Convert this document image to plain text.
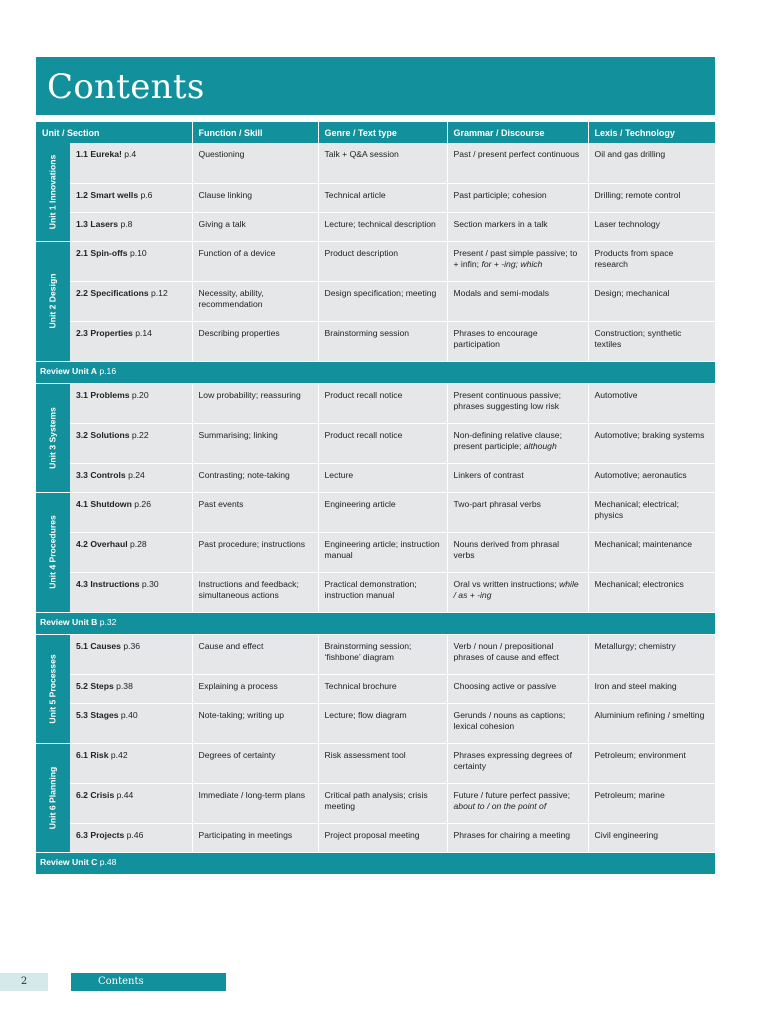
Contents
Unit / Section		Function / Skill	Genre / Text type	Grammar / Discourse	Lexis / Technology

Unit 1 Innovations	1.1 Eureka! p.4	Questioning	Talk + Q&A session	Past / present perfect continuous	Oil and gas drilling
	1.2 Smart wells p.6	Clause linking	Technical article	Past participle; cohesion	Drilling; remote control
	1.3 Lasers p.8	Giving a talk	Lecture; technical description	Section markers in a talk	Laser technology

Unit 2 Design	2.1 Spin-offs p.10	Function of a device	Product description	Present / past simple passive; to + infin; for + -ing; which	Products from space research
	2.2 Specifications p.12	Necessity, ability, recommendation	Design specification; meeting	Modals and semi-modals	Design; mechanical
	2.3 Properties p.14	Describing properties	Brainstorming session	Phrases to encourage participation	Construction; synthetic textiles
Review Unit A p.16					

Unit 3 Systems	3.1 Problems p.20	Low probability; reassuring	Product recall notice	Present continuous passive; phrases suggesting low risk	Automotive
	3.2 Solutions p.22	Summarising; linking	Product recall notice	Non-defining relative clause; present participle; although	Automotive; braking systems
	3.3 Controls p.24	Contrasting; note-taking	Lecture	Linkers of contrast	Automotive; aeronautics

Unit 4 Procedures	4.1 Shutdown p.26	Past events	Engineering article	Two-part phrasal verbs	Mechanical; electrical; physics
	4.2 Overhaul p.28	Past procedure; instructions	Engineering article; instruction manual	Nouns derived from phrasal verbs	Mechanical; maintenance
	4.3 Instructions p.30	Instructions and feedback; simultaneous actions	Practical demonstration; instruction manual	Oral vs written instructions; while / as + -ing	Mechanical; electronics
Review Unit B p.32					

Unit 5 Processes	5.1 Causes p.36	Cause and effect	Brainstorming session; ‘fishbone’ diagram	Verb / noun / prepositional phrases of cause and effect	Metallurgy; chemistry
	5.2 Steps p.38	Explaining a process	Technical brochure	Choosing active or passive	Iron and steel making
	5.3 Stages p.40	Note-taking; writing up	Lecture; flow diagram	Gerunds / nouns as captions; lexical cohesion	Aluminium refining / smelting

Unit 6 Planning	6.1 Risk p.42	Degrees of certainty	Risk assessment tool	Phrases expressing degrees of certainty	Petroleum; environment
	6.2 Crisis p.44	Immediate / long-term plans	Critical path analysis; crisis meeting	Future / future perfect passive; about to / on the point of	Petroleum; marine
	6.3 Projects p.46	Participating in meetings	Project proposal meeting	Phrases for chairing a meeting	Civil engineering
Review Unit C p.48					
2	Contents
